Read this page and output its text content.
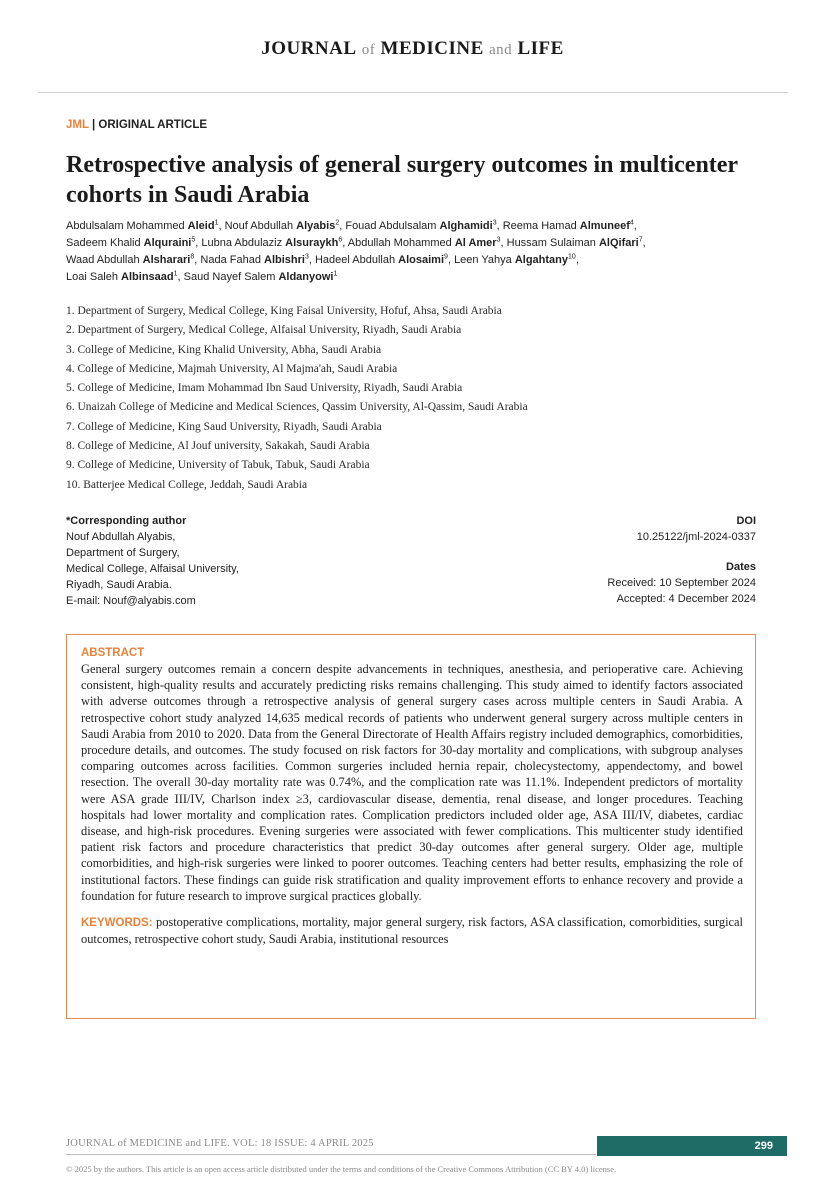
JOURNAL of MEDICINE and LIFE
JML | ORIGINAL ARTICLE
Retrospective analysis of general surgery outcomes in multicenter cohorts in Saudi Arabia
Abdulsalam Mohammed Aleid$^1$, Nouf Abdullah Alyabis$^2$, Fouad Abdulsalam Alghamidi$^3$, Reema Hamad Almuneef$^4$,
Sadeem Khalid Alquraini$^5$, Lubna Abdulaziz Alsuraykh$^6$, Abdullah Mohammed Al Amer$^3$, Hussam Sulaiman AlQifari$^7$,
Waad Abdullah Alsharari$^8$, Nada Fahad Albishri$^3$, Hadeel Abdullah Alosaimi$^9$, Leen Yahya Algahtany$^{10}$,
Loai Saleh Albinsaad$^1$, Saud Nayef Salem Aldanyowi$^1$
1. Department of Surgery, Medical College, King Faisal University, Hofuf, Ahsa, Saudi Arabia
2. Department of Surgery, Medical College, Alfaisal University, Riyadh, Saudi Arabia
3. College of Medicine, King Khalid University, Abha, Saudi Arabia
4. College of Medicine, Majmah University, Al Majma'ah, Saudi Arabia
5. College of Medicine, Imam Mohammad Ibn Saud University, Riyadh, Saudi Arabia
6. Unaizah College of Medicine and Medical Sciences, Qassim University, Al-Qassim, Saudi Arabia
7. College of Medicine, King Saud University, Riyadh, Saudi Arabia
8. College of Medicine, Al Jouf university, Sakakah, Saudi Arabia
9. College of Medicine, University of Tabuk, Tabuk, Saudi Arabia
10. Batterjee Medical College, Jeddah, Saudi Arabia
*Corresponding author
Nouf Abdullah Alyabis,
Department of Surgery,
Medical College, Alfaisal University,
Riyadh, Saudi Arabia.
E-mail: Nouf@alyabis.com
DOI
10.25122/jml-2024-0337
Dates
Received: 10 September 2024
Accepted: 4 December 2024
ABSTRACT

General surgery outcomes remain a concern despite advancements in techniques, anesthesia, and perioperative care. Achieving consistent, high-quality results and accurately predicting risks remains challenging. This study aimed to identify factors associated with adverse outcomes through a retrospective analysis of general surgery cases across multiple centers in Saudi Arabia. A retrospective cohort study analyzed 14,635 medical records of patients who underwent general surgery across multiple centers in Saudi Arabia from 2010 to 2020. Data from the General Directorate of Health Affairs registry included demographics, comorbidities, procedure details, and outcomes. The study focused on risk factors for 30-day mortality and complications, with subgroup analyses comparing outcomes across facilities. Common surgeries included hernia repair, cholecystectomy, appendectomy, and bowel resection. The overall 30-day mortality rate was 0.74%, and the complication rate was 11.1%. Independent predictors of mortality were ASA grade III/IV, Charlson index ≥3, cardiovascular disease, dementia, renal disease, and longer procedures. Teaching hospitals had lower mortality and complication rates. Complication predictors included older age, ASA III/IV, diabetes, cardiac disease, and high-risk procedures. Evening surgeries were associated with fewer complications. This multicenter study identified patient risk factors and procedure characteristics that predict 30-day outcomes after general surgery. Older age, multiple comorbidities, and high-risk surgeries were linked to poorer outcomes. Teaching centers had better results, emphasizing the role of institutional factors. These findings can guide risk stratification and quality improvement efforts to enhance recovery and provide a foundation for future research to improve surgical practices globally.

KEYWORDS: postoperative complications, mortality, major general surgery, risk factors, ASA classification, comorbidities, surgical outcomes, retrospective cohort study, Saudi Arabia, institutional resources
JOURNAL of MEDICINE and LIFE. VOL: 18 ISSUE: 4 APRIL 2025	299
© 2025 by the authors. This article is an open access article distributed under the terms and conditions of the Creative Commons Attribution (CC BY 4.0) license.
